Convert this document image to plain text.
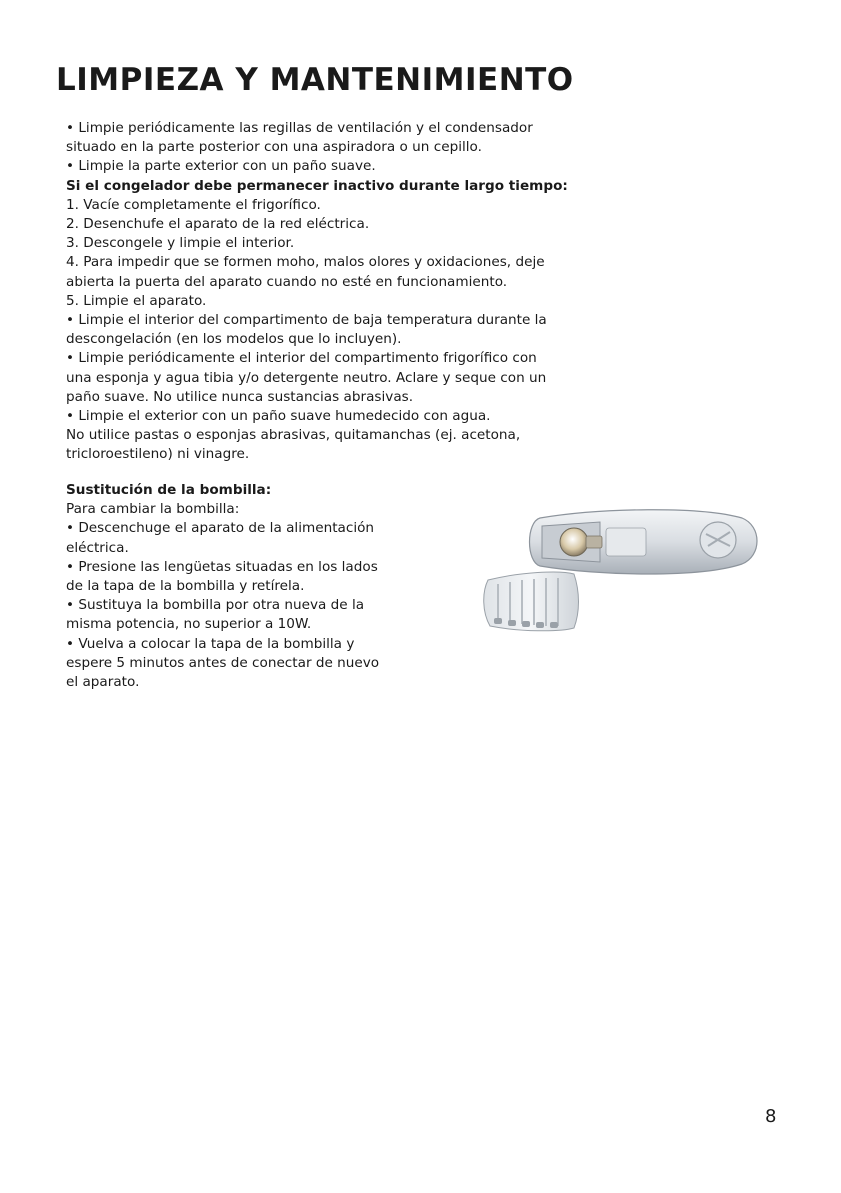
LIMPIEZA Y MANTENIMIENTO
• Limpie periódicamente las regillas de ventilación y el condensador
situado en la parte posterior con una aspiradora o un cepillo.
• Limpie la parte exterior con un paño suave.
Si el congelador debe permanecer inactivo durante largo tiempo:
1. Vacíe completamente el frigorífico.
2. Desenchufe el aparato de la red eléctrica.
3. Descongele y limpie el interior.
4. Para impedir que se formen moho, malos olores y oxidaciones, deje
abierta la puerta del aparato cuando no esté en funcionamiento.
5. Limpie el aparato.
• Limpie el interior del compartimento de baja temperatura durante la
descongelación (en los modelos que lo incluyen).
• Limpie periódicamente el interior del compartimento frigorífico con
una esponja y agua tibia y/o detergente neutro. Aclare y seque con un
paño suave. No utilice nunca sustancias abrasivas.
• Limpie el exterior con un paño suave humedecido con agua.
No utilice pastas o esponjas abrasivas, quitamanchas (ej. acetona,
tricloroestileno) ni vinagre.
Sustitución de la bombilla:
Para cambiar la bombilla:
• Descenchuge el aparato de la alimentación
eléctrica.
• Presione las lengüetas situadas en los lados
de la tapa de la bombilla y retírela.
• Sustituya la bombilla por otra nueva de la
misma potencia, no superior a 10W.
• Vuelva a colocar la tapa de la bombilla y
espere 5 minutos antes de conectar de nuevo
el aparato.
8
